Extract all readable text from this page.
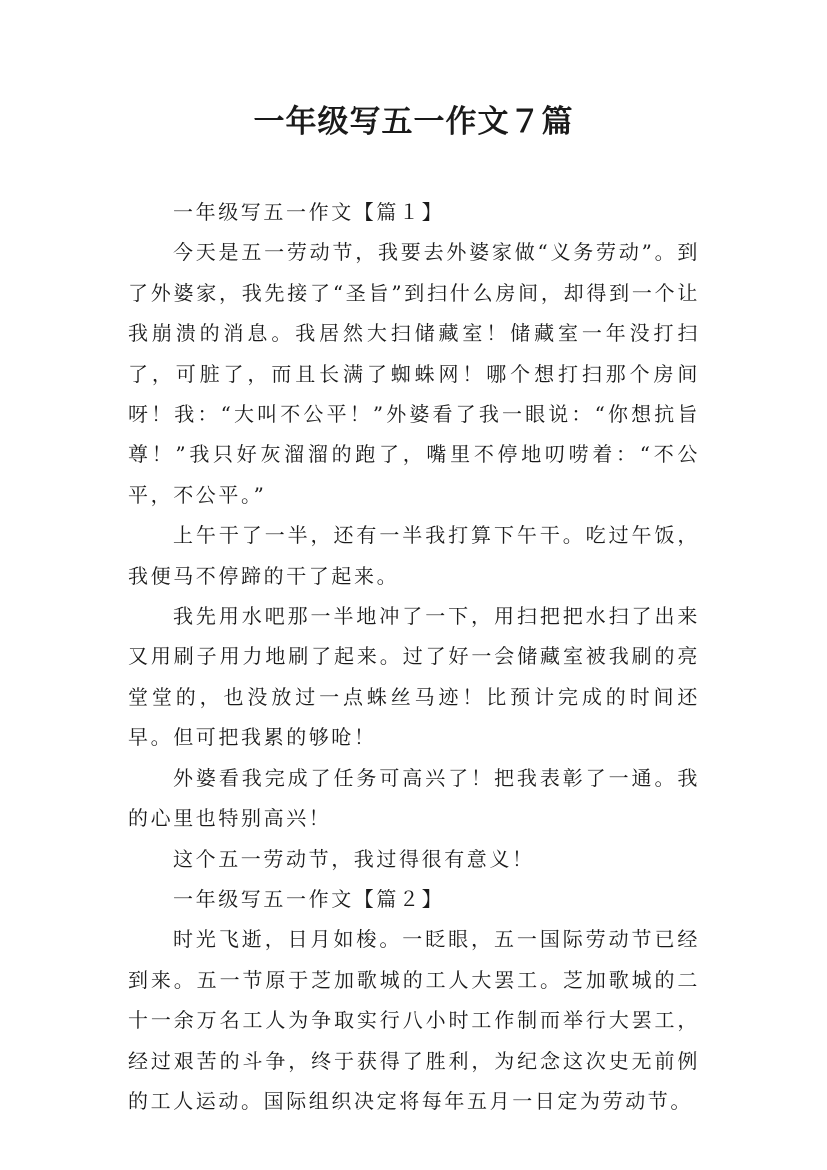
一年级写五一作文７篇

一年级写五一作文【篇１】

今天是五一劳动节，我要去外婆家做“义务劳动”。到了外婆家，我先接了“圣旨”到扫什么房间，却得到一个让我崩溃的消息。我居然大扫储藏室！储藏室一年没打扫了，可脏了，而且长满了蜘蛛网！哪个想打扫那个房间呀！我：“大叫不公平！”外婆看了我一眼说：“你想抗旨尊！”我只好灰溜溜的跑了，嘴里不停地叨唠着：“不公平，不公平。”

上午干了一半，还有一半我打算下午干。吃过午饭，我便马不停蹄的干了起来。

我先用水吧那一半地冲了一下，用扫把把水扫了出来又用刷子用力地刷了起来。过了好一会储藏室被我刷的亮堂堂的，也没放过一点蛛丝马迹！比预计完成的时间还早。但可把我累的够呛！

外婆看我完成了任务可高兴了！把我表彰了一通。我的心里也特别高兴！

这个五一劳动节，我过得很有意义！

一年级写五一作文【篇２】

时光飞逝，日月如梭。一眨眼，五一国际劳动节已经到来。五一节原于芝加歌城的工人大罢工。芝加歌城的二十一余万名工人为争取实行八小时工作制而举行大罢工，经过艰苦的斗争，终于获得了胜利，为纪念这次史无前例的工人运动。国际组织决定将每年五月一日定为劳动节。
